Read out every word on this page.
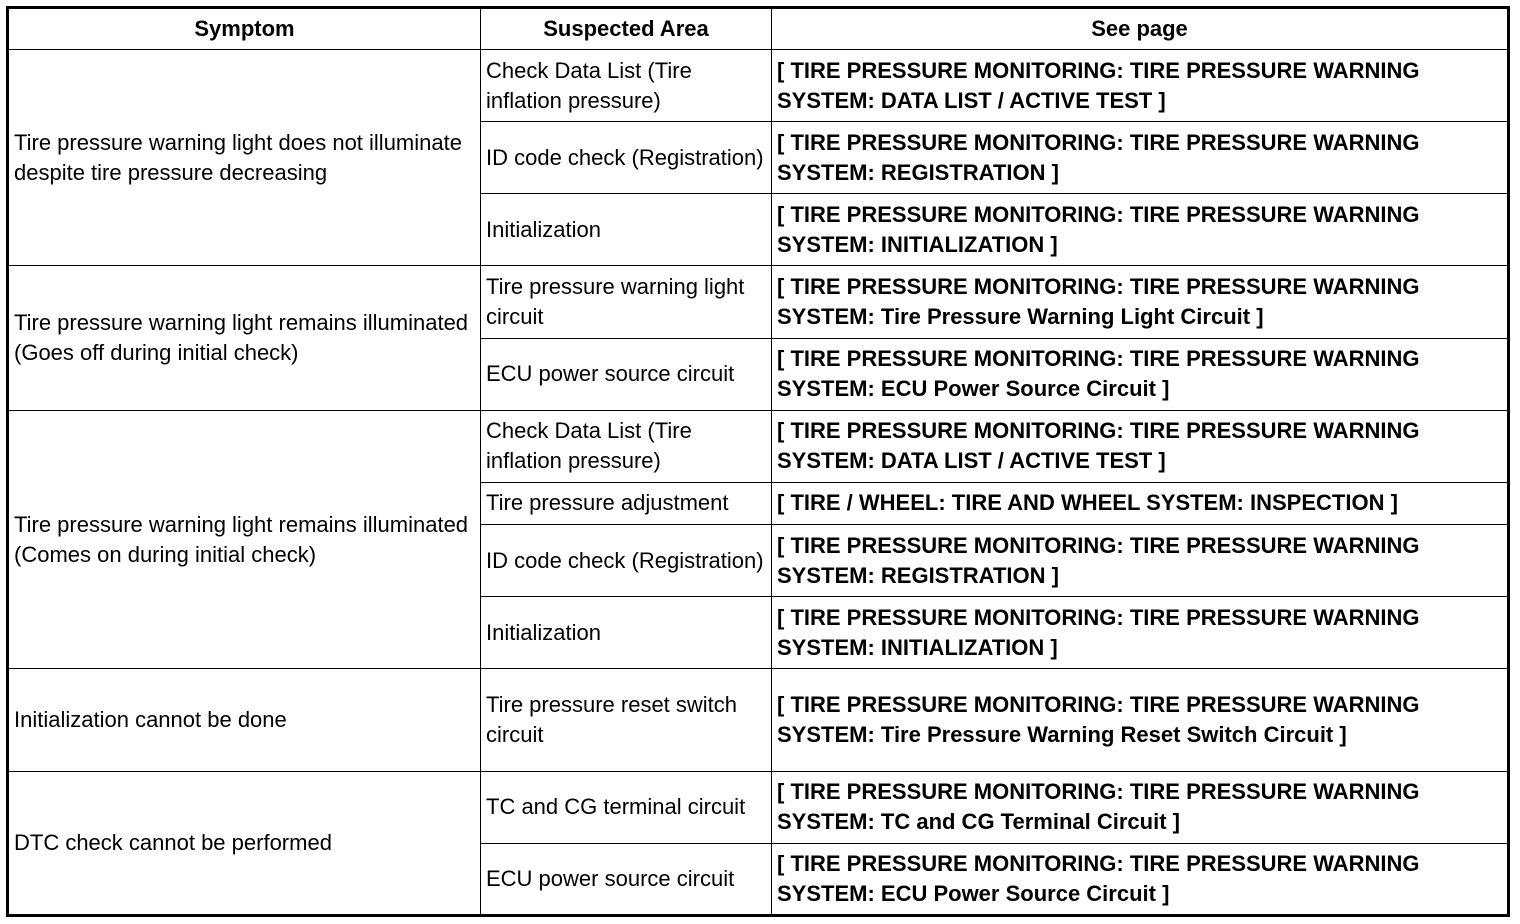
Symptom	Suspected Area	See page
Tire pressure warning light does not illuminate despite tire pressure decreasing	Check Data List (Tire inflation pressure)	[ TIRE PRESSURE MONITORING: TIRE PRESSURE WARNING SYSTEM: DATA LIST / ACTIVE TEST ]
	ID code check (Registration)	[ TIRE PRESSURE MONITORING: TIRE PRESSURE WARNING SYSTEM: REGISTRATION ]
	Initialization	[ TIRE PRESSURE MONITORING: TIRE PRESSURE WARNING SYSTEM: INITIALIZATION ]
Tire pressure warning light remains illuminated (Goes off during initial check)	Tire pressure warning light circuit	[ TIRE PRESSURE MONITORING: TIRE PRESSURE WARNING SYSTEM: Tire Pressure Warning Light Circuit ]
	ECU power source circuit	[ TIRE PRESSURE MONITORING: TIRE PRESSURE WARNING SYSTEM: ECU Power Source Circuit ]
Tire pressure warning light remains illuminated (Comes on during initial check)	Check Data List (Tire inflation pressure)	[ TIRE PRESSURE MONITORING: TIRE PRESSURE WARNING SYSTEM: DATA LIST / ACTIVE TEST ]
	Tire pressure adjustment	[ TIRE / WHEEL: TIRE AND WHEEL SYSTEM: INSPECTION ]
	ID code check (Registration)	[ TIRE PRESSURE MONITORING: TIRE PRESSURE WARNING SYSTEM: REGISTRATION ]
	Initialization	[ TIRE PRESSURE MONITORING: TIRE PRESSURE WARNING SYSTEM: INITIALIZATION ]
Initialization cannot be done	Tire pressure reset switch circuit	[ TIRE PRESSURE MONITORING: TIRE PRESSURE WARNING SYSTEM: Tire Pressure Warning Reset Switch Circuit ]
DTC check cannot be performed	TC and CG terminal circuit	[ TIRE PRESSURE MONITORING: TIRE PRESSURE WARNING SYSTEM: TC and CG Terminal Circuit ]
	ECU power source circuit	[ TIRE PRESSURE MONITORING: TIRE PRESSURE WARNING SYSTEM: ECU Power Source Circuit ]
